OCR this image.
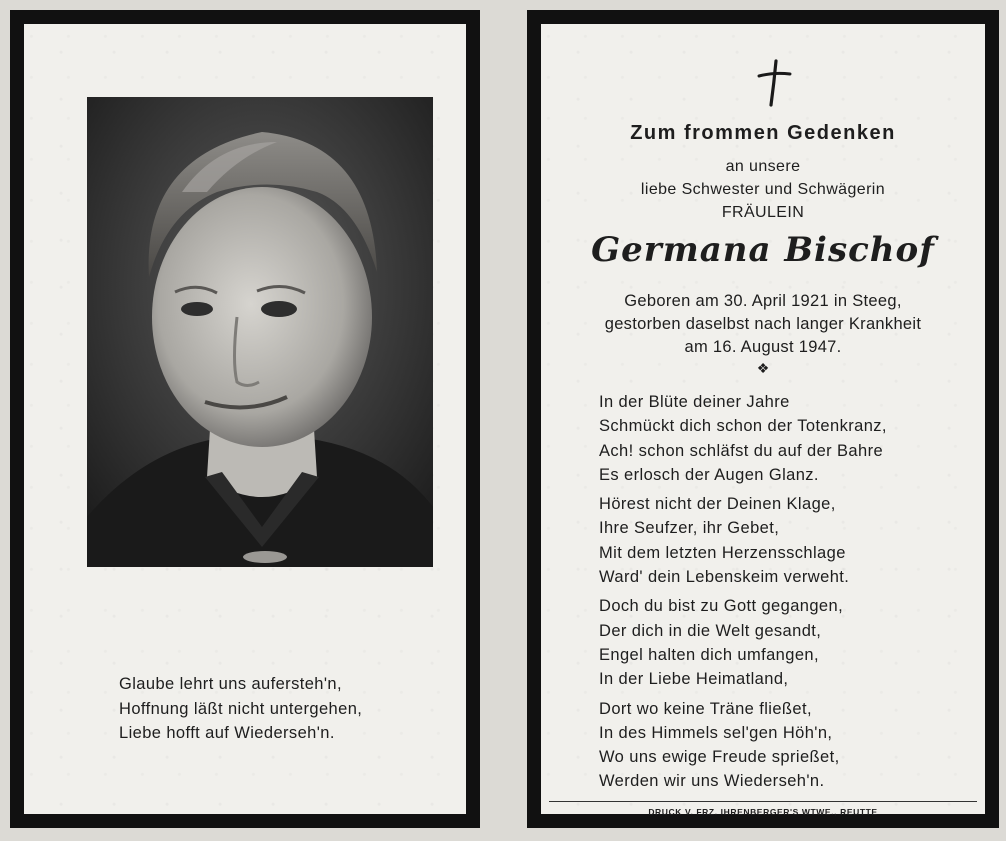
Glaube lehrt uns aufersteh'n,
Hoffnung läßt nicht untergehen,
Liebe hofft auf Wiederseh'n.
Zum frommen Gedenken
an unsere
liebe Schwester und Schwägerin
FRÄULEIN
Germana Bischof
Geboren am 30. April 1921 in Steeg,
gestorben daselbst nach langer Krankheit
am 16. August 1947.
❖
In der Blüte deiner Jahre
Schmückt dich schon der Totenkranz,
Ach! schon schläfst du auf der Bahre
Es erlosch der Augen Glanz.
Hörest nicht der Deinen Klage,
Ihre Seufzer, ihr Gebet,
Mit dem letzten Herzensschlage
Ward' dein Lebenskeim verweht.
Doch du bist zu Gott gegangen,
Der dich in die Welt gesandt,
Engel halten dich umfangen,
In der Liebe Heimatland,
Dort wo keine Träne fließet,
In des Himmels sel'gen Höh'n,
Wo uns ewige Freude sprießet,
Werden wir uns Wiederseh'n.
DRUCK V. FRZ. IHRENBERGER'S WTWE., REUTTE
